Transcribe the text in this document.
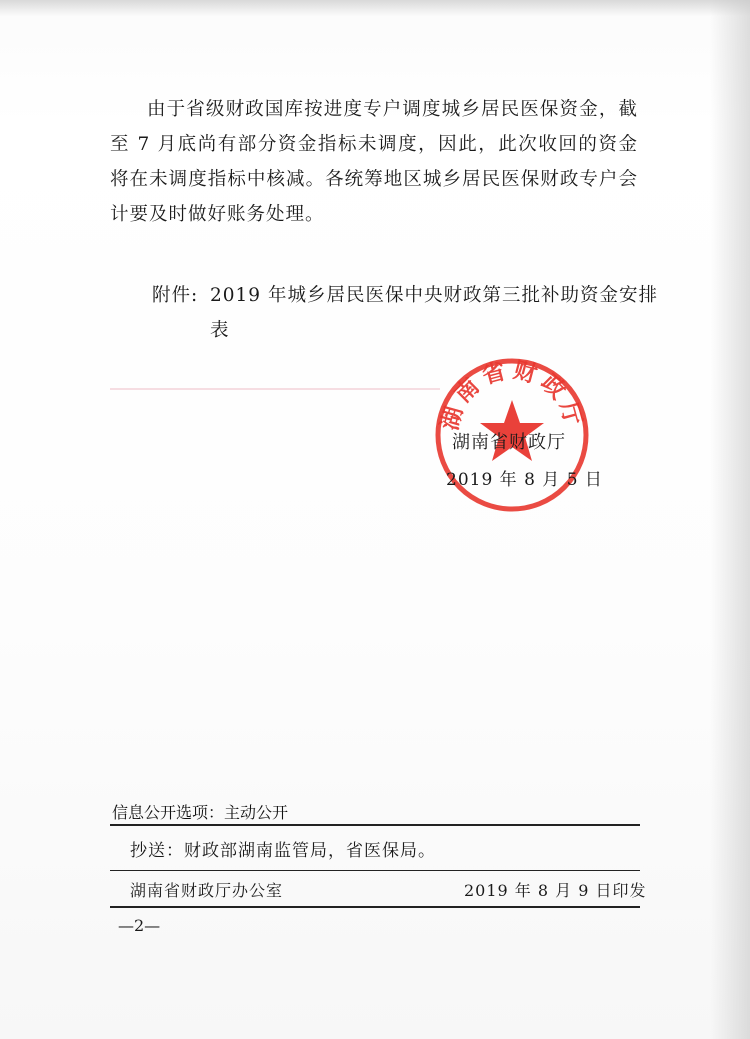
由于省级财政国库按进度专户调度城乡居民医保资金，截至 7 月底尚有部分资金指标未调度，因此，此次收回的资金将在未调度指标中核减。各统筹地区城乡居民医保财政专户会计要及时做好账务处理。

附件: 2019 年城乡居民医保中央财政第三批补助资金安排
表
湖南省财政厅
湖南省财政厅
2019 年 8 月 5 日
信息公开选项：主动公开
抄送：财政部湖南监管局，省医保局。
湖南省财政厅办公室	2019 年 8 月 9 日印发
—2—
